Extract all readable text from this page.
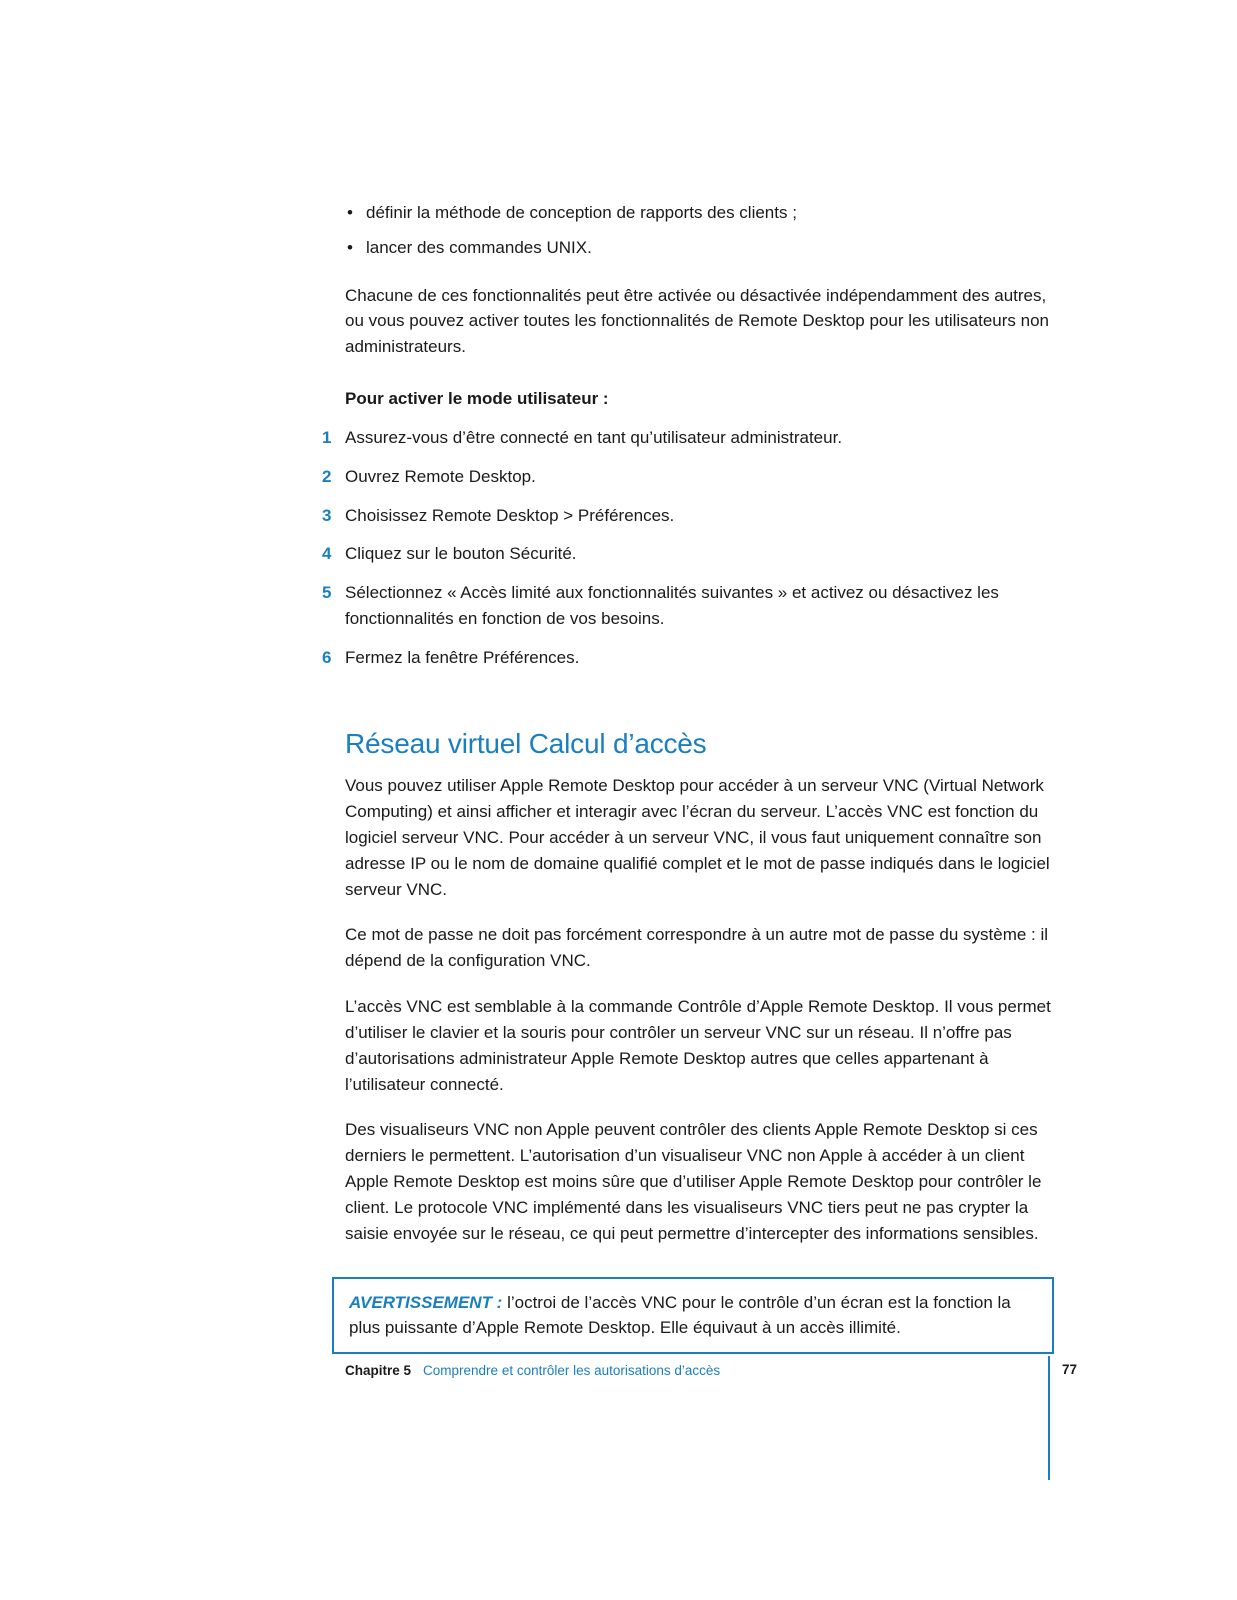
• définir la méthode de conception de rapports des clients ;
• lancer des commandes UNIX.

Chacune de ces fonctionnalités peut être activée ou désactivée indépendamment des autres, ou vous pouvez activer toutes les fonctionnalités de Remote Desktop pour les utilisateurs non administrateurs.

Pour activer le mode utilisateur :

1 Assurez-vous d’être connecté en tant qu’utilisateur administrateur.
2 Ouvrez Remote Desktop.
3 Choisissez Remote Desktop > Préférences.
4 Cliquez sur le bouton Sécurité.
5 Sélectionnez « Accès limité aux fonctionnalités suivantes » et activez ou désactivez les fonctionnalités en fonction de vos besoins.
6 Fermez la fenêtre Préférences.
Réseau virtuel Calcul d’accès

Vous pouvez utiliser Apple Remote Desktop pour accéder à un serveur VNC (Virtual Network Computing) et ainsi afficher et interagir avec l’écran du serveur. L’accès VNC est fonction du logiciel serveur VNC. Pour accéder à un serveur VNC, il vous faut uniquement connaître son adresse IP ou le nom de domaine qualifié complet et le mot de passe indiqués dans le logiciel serveur VNC.

Ce mot de passe ne doit pas forcément correspondre à un autre mot de passe du système : il dépend de la configuration VNC.

L’accès VNC est semblable à la commande Contrôle d’Apple Remote Desktop. Il vous permet d’utiliser le clavier et la souris pour contrôler un serveur VNC sur un réseau. Il n’offre pas d’autorisations administrateur Apple Remote Desktop autres que celles appartenant à l’utilisateur connecté.

Des visualiseurs VNC non Apple peuvent contrôler des clients Apple Remote Desktop si ces derniers le permettent. L’autorisation d’un visualiseur VNC non Apple à accéder à un client Apple Remote Desktop est moins sûre que d’utiliser Apple Remote Desktop pour contrôler le client. Le protocole VNC implémenté dans les visualiseurs VNC tiers peut ne pas crypter la saisie envoyée sur le réseau, ce qui peut permettre d’intercepter des informations sensibles.

AVERTISSEMENT : l’octroi de l’accès VNC pour le contrôle d’un écran est la fonction la plus puissante d’Apple Remote Desktop. Elle équivaut à un accès illimité.
Chapitre 5 Comprendre et contrôler les autorisations d’accès	77
